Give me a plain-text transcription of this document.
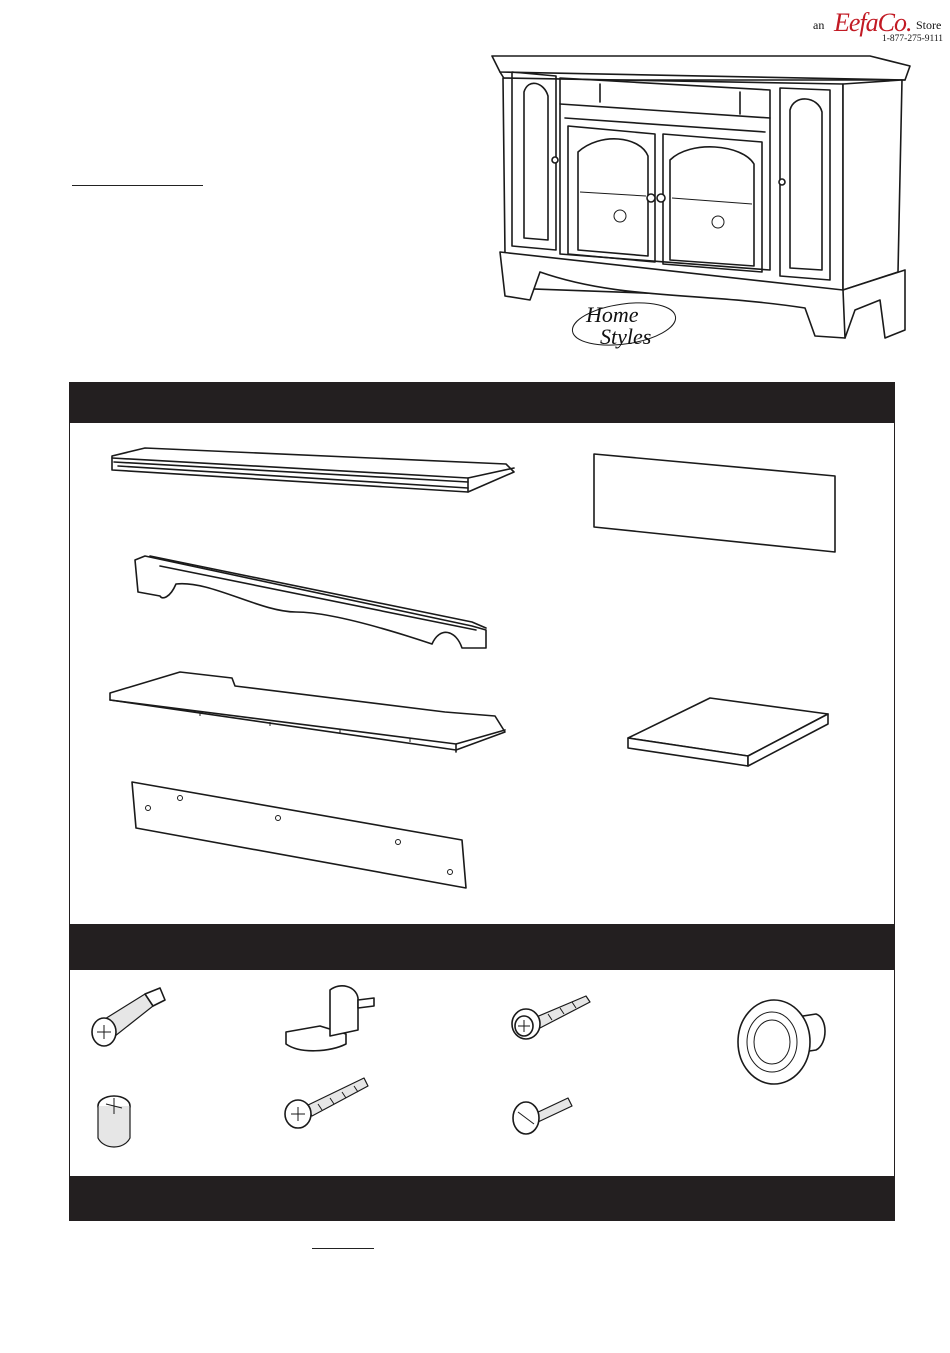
an EefaCo. Store
1-877-275-9111
Home
Styles
